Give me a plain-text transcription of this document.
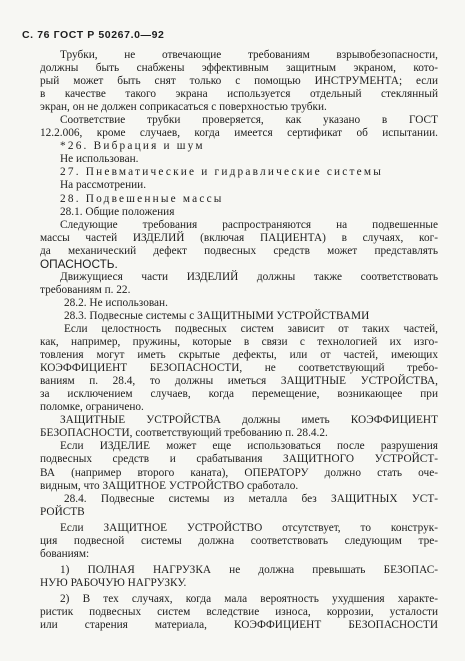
С. 76 ГОСТ Р 50267.0—92
Трубки, не отвечающие требованиям взрывобезопасности,
должны быть снабжены эффективным защитным экраном, кото-
рый может быть снят только с помощью ИНСТРУМЕНТА; если
в качестве такого экрана используется отдельный стеклянный
экран, он не должен соприкасаться с поверхностью трубки.
Соответствие трубки проверяется, как указано в ГОСТ
12.2.006, кроме случаев, когда имеется сертификат об испытании.
*26. Вибрация и шум
Не использован.
27. Пневматические и гидравлические системы
На рассмотрении.
28. Подвешенные массы
28.1. Общие положения
Следующие требования распространяются на подвешенные
массы частей ИЗДЕЛИЙ (включая ПАЦИЕНТА) в случаях, ког-
да механический дефект подвесных средств может представлять
ОПАСНОСТЬ.
Движущиеся части ИЗДЕЛИЙ должны также соответствовать
требованиям п. 22.
28.2. Не использован.
28.3. Подвесные системы с ЗАЩИТНЫМИ УСТРОЙСТВАМИ
Если целостность подвесных систем зависит от таких частей,
как, например, пружины, которые в связи с технологией их изго-
товления могут иметь скрытые дефекты, или от частей, имеющих
КОЭФФИЦИЕНТ БЕЗОПАСНОСТИ, не соответствующий требо-
ваниям п. 28.4, то должны иметься ЗАЩИТНЫЕ УСТРОЙСТВА,
за исключением случаев, когда перемещение, возникающее при
поломке, ограничено.
ЗАЩИТНЫЕ УСТРОЙСТВА должны иметь КОЭФФИЦИЕНТ
БЕЗОПАСНОСТИ, соответствующий требованию п. 28.4.2.
Если ИЗДЕЛИЕ может еще использоваться после разрушения
подвесных средств и срабатывания ЗАЩИТНОГО УСТРОЙСТ-
ВА (например второго каната), ОПЕРАТОРУ должно стать оче-
видным, что ЗАЩИТНОЕ УСТРОЙСТВО сработало.
28.4. Подвесные системы из металла без ЗАЩИТНЫХ УСТ-
РОЙСТВ
Если ЗАЩИТНОЕ УСТРОЙСТВО отсутствует, то конструк-
ция подвесной системы должна соответствовать следующим тре-
бованиям:
1) ПОЛНАЯ НАГРУЗКА не должна превышать БЕЗОПАС-
НУЮ РАБОЧУЮ НАГРУЗКУ.
2) В тех случаях, когда мала вероятность ухудшения характе-
ристик подвесных систем вследствие износа, коррозии, усталости
или старения материала, КОЭФФИЦИЕНТ БЕЗОПАСНОСТИ
